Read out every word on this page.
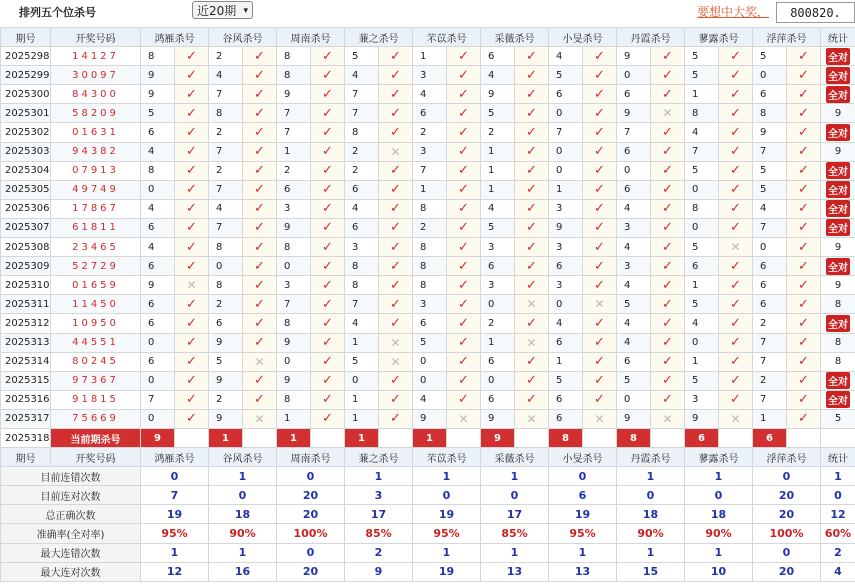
排列五个位杀号	近20期 ▾	要想中大奖，	800820.
期号	开奖号码	鸿雁杀号		谷风杀号		周南杀号		蒹之杀号		芣苡杀号		采薇杀号		小旻杀号		丹霞杀号		蓼露杀号		浮萍杀号		统计
2025298	14127	8	✓	2	✓	8	✓	5	✓	1	✓	6	✓	4	✓	9	✓	5	✓	5	✓	全对
2025299	30097	9	✓	4	✓	8	✓	4	✓	3	✓	4	✓	5	✓	0	✓	5	✓	0	✓	全对
2025300	84300	9	✓	7	✓	9	✓	7	✓	4	✓	9	✓	6	✓	6	✓	1	✓	6	✓	全对
2025301	58209	5	✓	8	✓	7	✓	7	✓	6	✓	5	✓	0	✓	9	✕	8	✓	8	✓	9
2025302	01631	6	✓	2	✓	7	✓	8	✓	2	✓	2	✓	7	✓	7	✓	4	✓	9	✓	全对
2025303	94382	4	✓	7	✓	1	✓	2	✕	3	✓	1	✓	0	✓	6	✓	7	✓	7	✓	9
2025304	07913	8	✓	2	✓	2	✓	2	✓	7	✓	1	✓	0	✓	0	✓	5	✓	5	✓	全对
2025305	49749	0	✓	7	✓	6	✓	6	✓	1	✓	1	✓	1	✓	6	✓	0	✓	5	✓	全对
2025306	17867	4	✓	4	✓	3	✓	4	✓	8	✓	4	✓	3	✓	4	✓	8	✓	4	✓	全对
2025307	61811	6	✓	7	✓	9	✓	6	✓	2	✓	5	✓	9	✓	3	✓	0	✓	7	✓	全对
2025308	23465	4	✓	8	✓	8	✓	3	✓	8	✓	3	✓	3	✓	4	✓	5	✕	0	✓	9
2025309	52729	6	✓	0	✓	0	✓	8	✓	8	✓	6	✓	6	✓	3	✓	6	✓	6	✓	全对
2025310	01659	9	✕	8	✓	3	✓	8	✓	8	✓	3	✓	3	✓	4	✓	1	✓	6	✓	9
2025311	11450	6	✓	2	✓	7	✓	7	✓	3	✓	0	✕	0	✕	5	✓	5	✓	6	✓	8
2025312	10950	6	✓	6	✓	8	✓	4	✓	6	✓	2	✓	4	✓	4	✓	4	✓	2	✓	全对
2025313	44551	0	✓	9	✓	9	✓	1	✕	5	✓	1	✕	6	✓	4	✓	0	✓	7	✓	8
2025314	80245	6	✓	5	✕	0	✓	5	✕	0	✓	6	✓	1	✓	6	✓	1	✓	7	✓	8
2025315	97367	0	✓	9	✓	9	✓	0	✓	0	✓	0	✓	5	✓	5	✓	5	✓	2	✓	全对
2025316	91815	7	✓	2	✓	8	✓	1	✓	4	✓	6	✓	6	✓	0	✓	3	✓	7	✓	全对
2025317	75669	0	✓	9	✕	1	✓	1	✓	9	✕	9	✕	6	✕	9	✕	9	✕	1	✓	5
2025318	当前期杀号	9		1		1		1		1		9		8		8		6		6		
期号	开奖号码	鸿雁杀号		谷风杀号		周南杀号		蒹之杀号		芣苡杀号		采薇杀号		小旻杀号		丹霞杀号		蓼露杀号		浮萍杀号		统计
目前连错次数		0		1		0		1		1		1		0		1		1		0		1
目前连对次数		7		0		20		3		0		0		6		0		0		20		0
总正确次数		19		18		20		17		19		17		19		18		18		20		12
准确率(全对率)		95%		90%		100%		85%		95%		85%		95%		90%		90%		100%		60%
最大连错次数		1		1		0		2		1		1		1		1		1		0		2
最大连对次数		12		16		20		9		19		13		13		15		10		20		4
